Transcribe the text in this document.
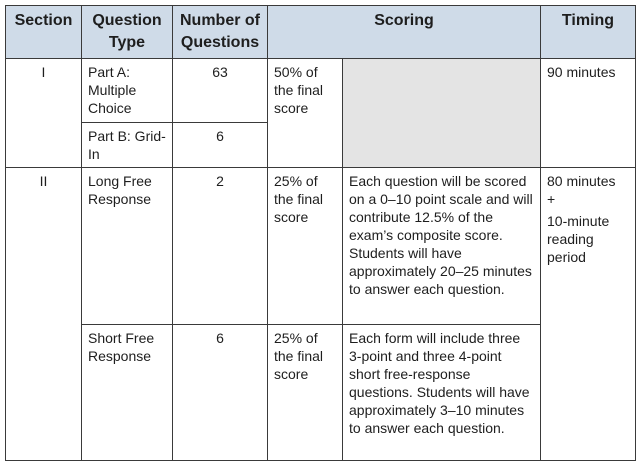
Section	Question Type	Number of Questions	Scoring		Timing
I	Part A: Multiple Choice	63	50% of the final score		90 minutes
	Part B: Grid-In	6			
II	Long Free Response	2	25% of the final score	Each question will be scored on a 0–10 point scale and will contribute 12.5% of the exam’s composite score. Students will have approximately 20–25 minutes to answer each question.	80 minutes
+
10-minute reading period

	Short Free Response	6	25% of the final score	Each form will include three 3-point and three 4-point short free-response questions. Students will have approximately 3–10 minutes to answer each question.	
